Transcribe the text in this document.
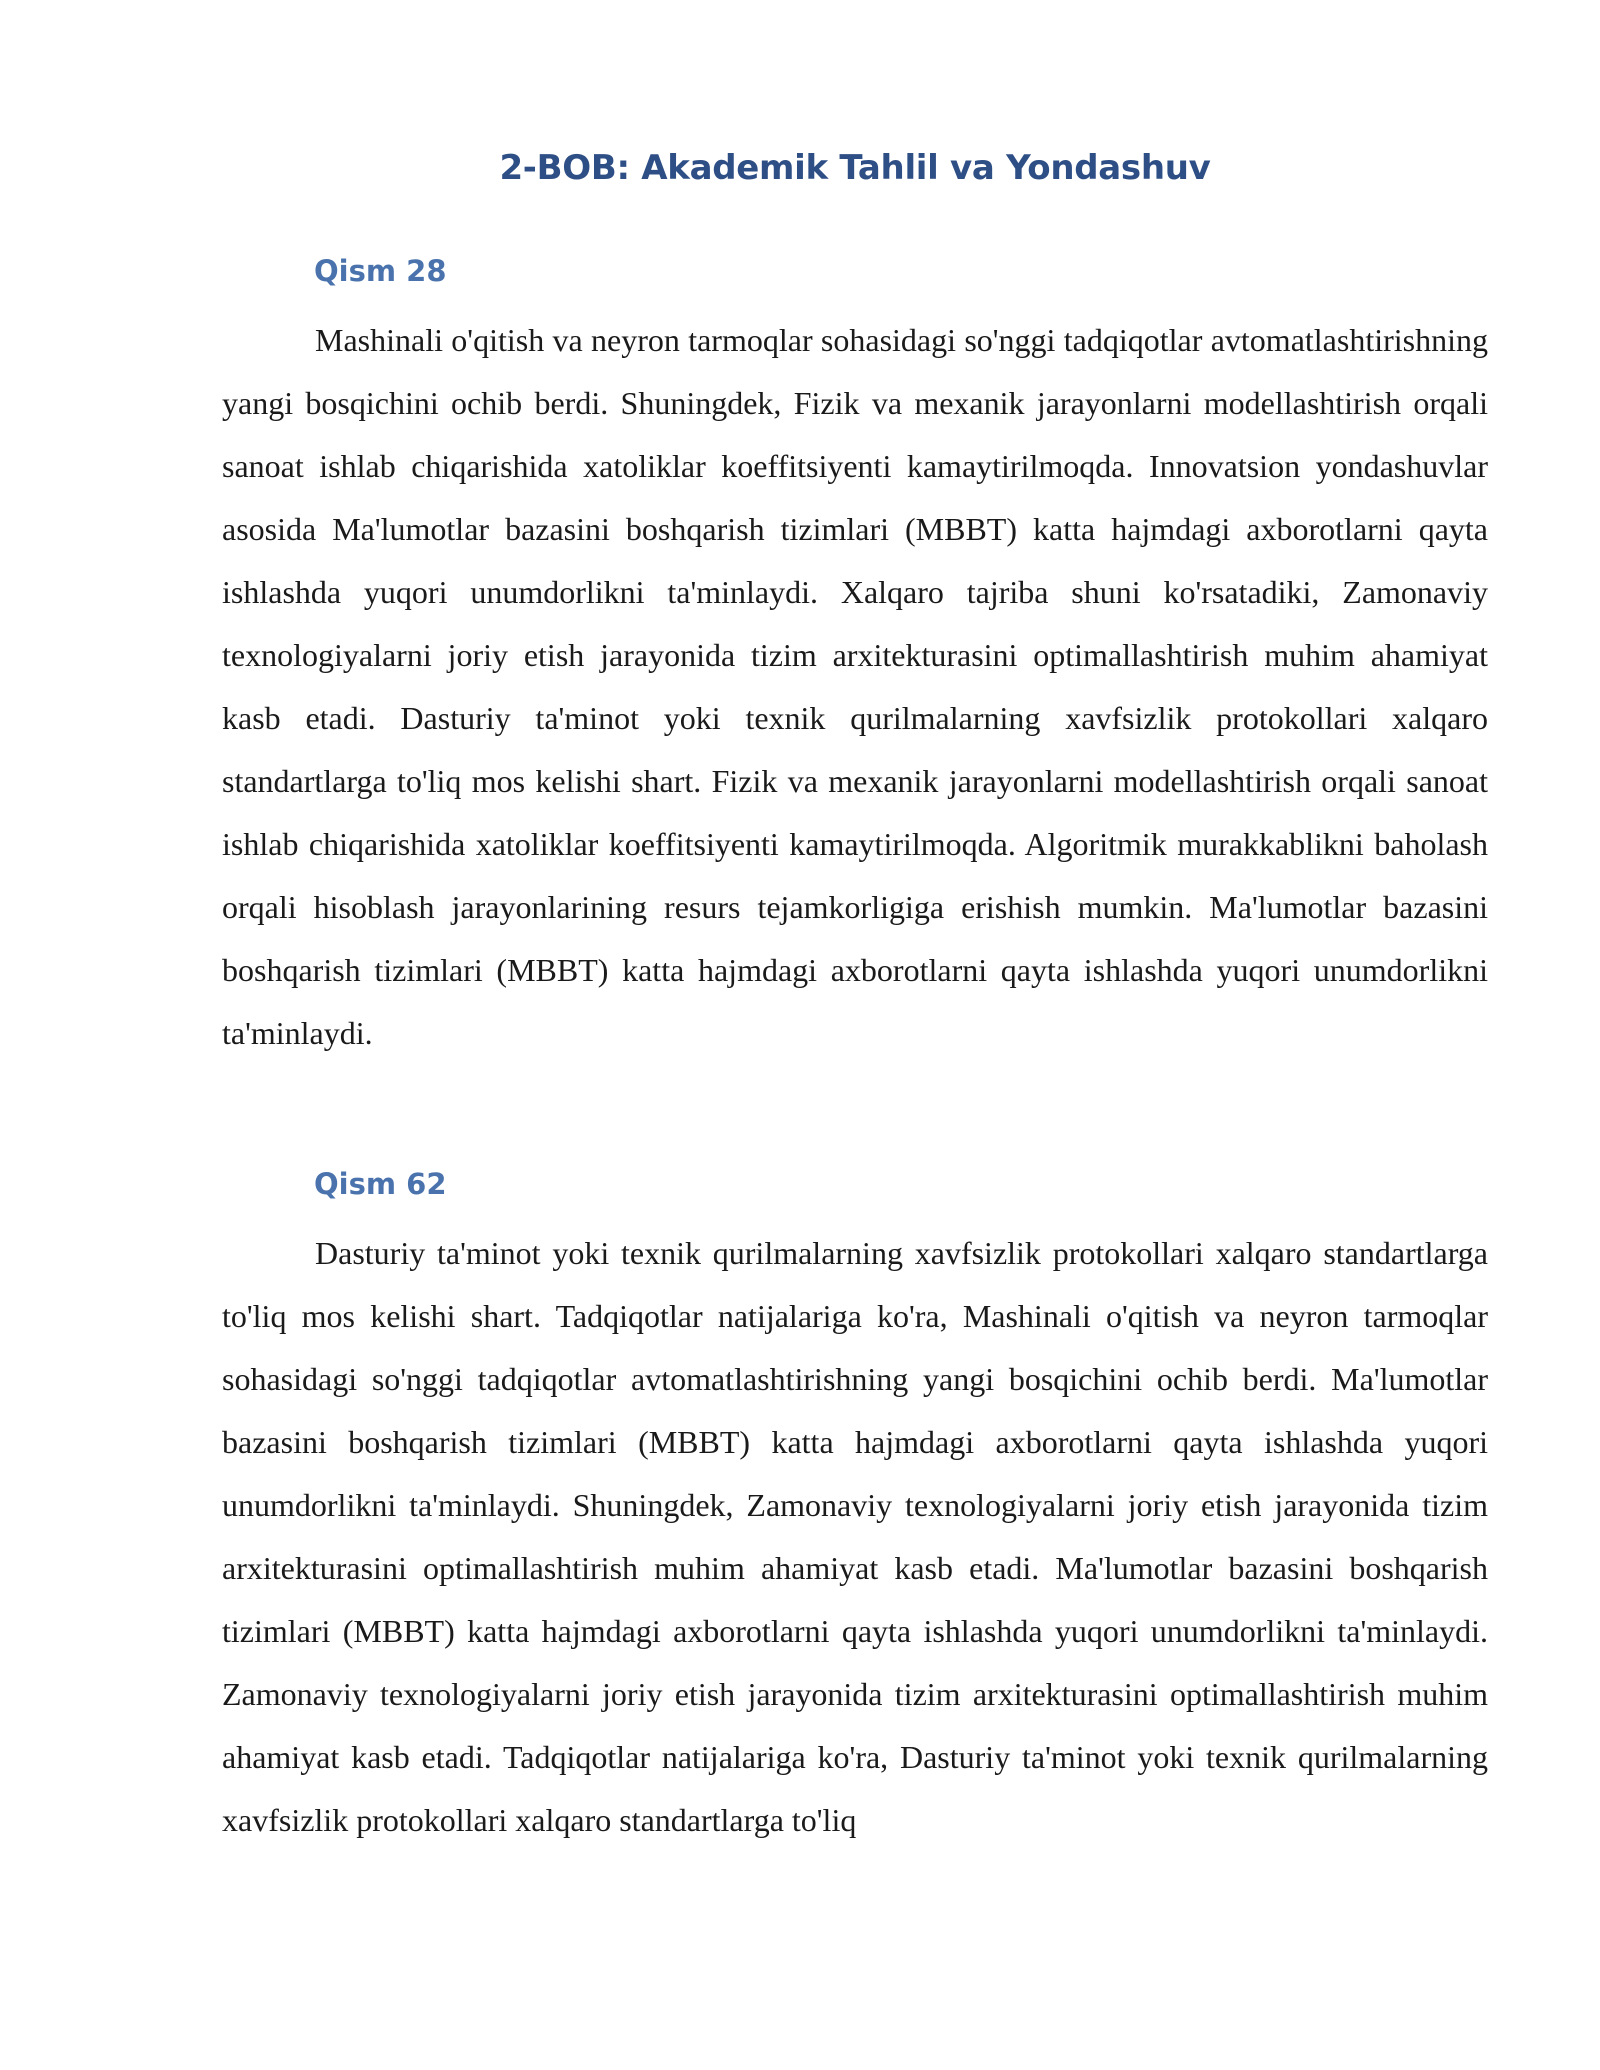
2-BOB: Akademik Tahlil va Yondashuv
Qism 28

Mashinali o'qitish va neyron tarmoqlar sohasidagi so'nggi tadqiqotlar avtomatlashtirishning yangi bosqichini ochib berdi. Shuningdek, Fizik va mexanik jarayonlarni modellashtirish orqali sanoat ishlab chiqarishida xatoliklar koeffitsiyenti kamaytirilmoqda. Innovatsion yondashuvlar asosida Ma'lumotlar bazasini boshqarish tizimlari (MBBT) katta hajmdagi axborotlarni qayta ishlashda yuqori unumdorlikni ta'minlaydi. Xalqaro tajriba shuni ko'rsatadiki, Zamonaviy texnologiyalarni joriy etish jarayonida tizim arxitekturasini optimallashtirish muhim ahamiyat kasb etadi. Dasturiy ta'minot yoki texnik qurilmalarning xavfsizlik protokollari xalqaro standartlarga to'liq mos kelishi shart. Fizik va mexanik jarayonlarni modellashtirish orqali sanoat ishlab chiqarishida xatoliklar koeffitsiyenti kamaytirilmoqda. Algoritmik murakkablikni baholash orqali hisoblash jarayonlarining resurs tejamkorligiga erishish mumkin. Ma'lumotlar bazasini boshqarish tizimlari (MBBT) katta hajmdagi axborotlarni qayta ishlashda yuqori unumdorlikni ta'minlaydi.

Qism 62

Dasturiy ta'minot yoki texnik qurilmalarning xavfsizlik protokollari xalqaro standartlarga to'liq mos kelishi shart. Tadqiqotlar natijalariga ko'ra, Mashinali o'qitish va neyron tarmoqlar sohasidagi so'nggi tadqiqotlar avtomatlashtirishning yangi bosqichini ochib berdi. Ma'lumotlar bazasini boshqarish tizimlari (MBBT) katta hajmdagi axborotlarni qayta ishlashda yuqori unumdorlikni ta'minlaydi. Shuningdek, Zamonaviy texnologiyalarni joriy etish jarayonida tizim arxitekturasini optimallashtirish muhim ahamiyat kasb etadi. Ma'lumotlar bazasini boshqarish tizimlari (MBBT) katta hajmdagi axborotlarni qayta ishlashda yuqori unumdorlikni ta'minlaydi. Zamonaviy texnologiyalarni joriy etish jarayonida tizim arxitekturasini optimallashtirish muhim ahamiyat kasb etadi. Tadqiqotlar natijalariga ko'ra, Dasturiy ta'minot yoki texnik qurilmalarning xavfsizlik protokollari xalqaro standartlarga to'liq
